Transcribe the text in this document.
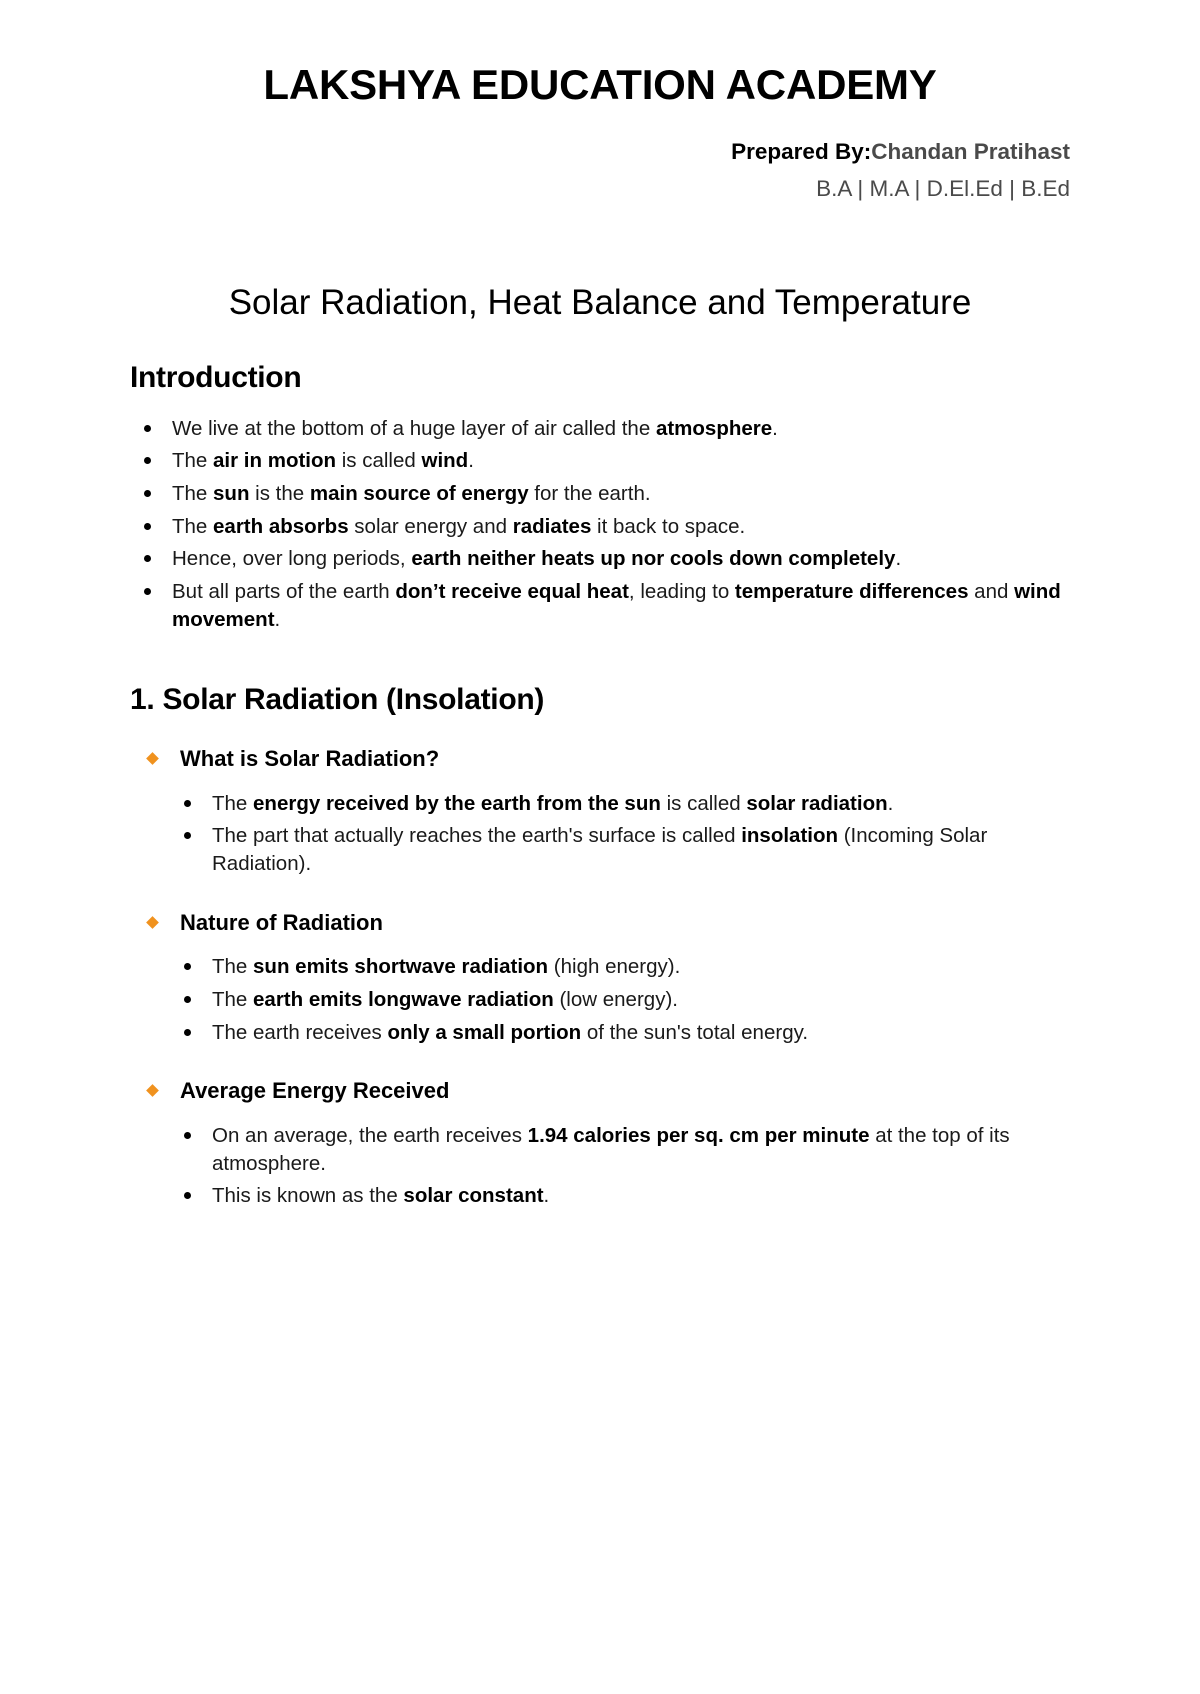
LAKSHYA EDUCATION ACADEMY

Prepared By:Chandan Pratihast

B.A | M.A | D.El.Ed | B.Ed

Solar Radiation, Heat Balance and Temperature
Introduction
We live at the bottom of a huge layer of air called the atmosphere.
The air in motion is called wind.
The sun is the main source of energy for the earth.
The earth absorbs solar energy and radiates it back to space.
Hence, over long periods, earth neither heats up nor cools down completely.
But all parts of the earth don’t receive equal heat, leading to temperature differences and wind movement.
1. Solar Radiation (Insolation)
What is Solar Radiation?
The energy received by the earth from the sun is called solar radiation.
The part that actually reaches the earth's surface is called insolation (Incoming Solar Radiation).
Nature of Radiation
The sun emits shortwave radiation (high energy).
The earth emits longwave radiation (low energy).
The earth receives only a small portion of the sun's total energy.
Average Energy Received
On an average, the earth receives 1.94 calories per sq. cm per minute at the top of its atmosphere.
This is known as the solar constant.
